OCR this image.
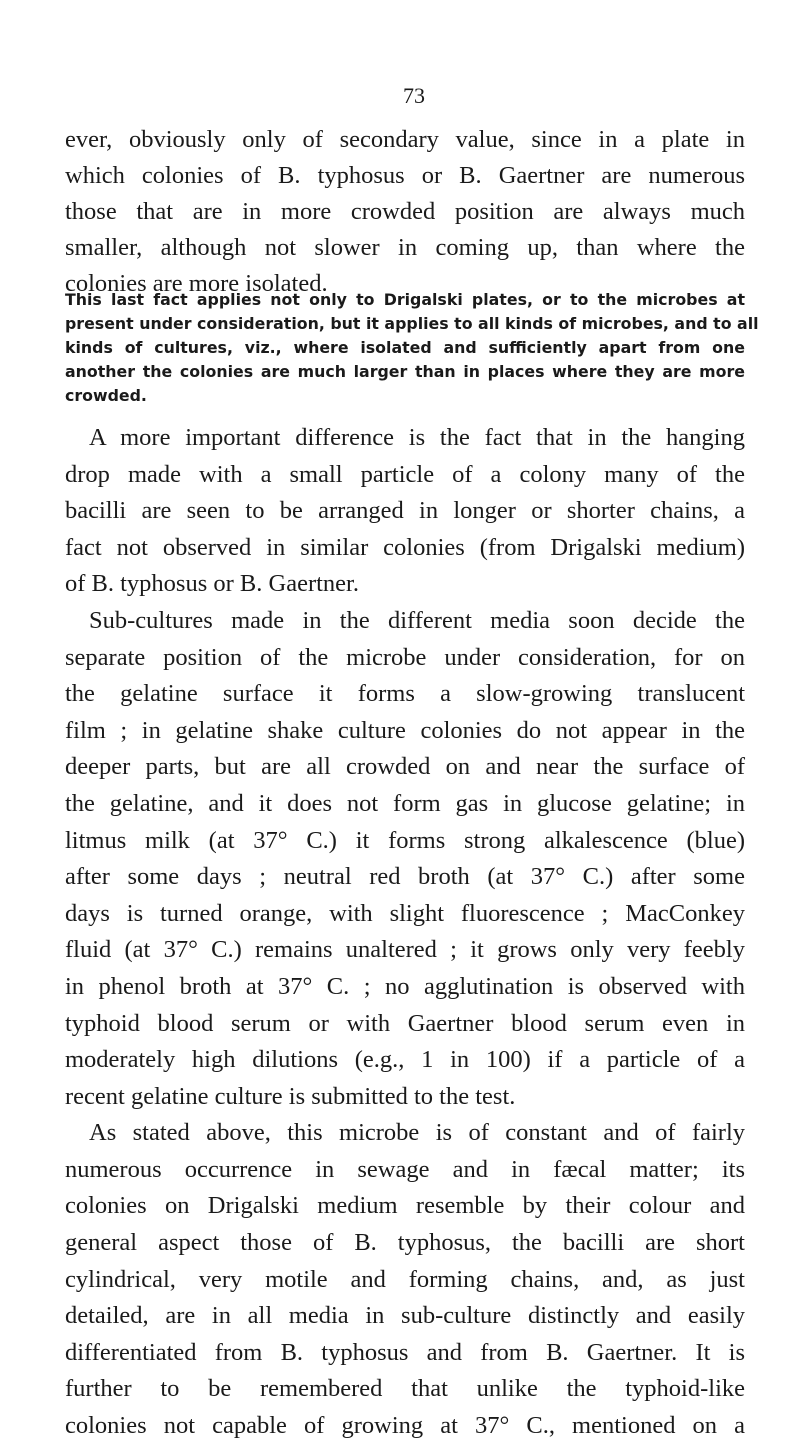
73
ever, obviously only of secondary value, since in a plate in
which colonies of B. typhosus or B. Gaertner are numerous
those that are in more crowded position are always much
smaller, although not slower in coming up, than where the
colonies are more isolated.
This last fact applies not only to Drigalski plates, or to the microbes at
present under consideration, but it applies to all kinds of microbes, and to all
kinds of cultures, viz., where isolated and sufficiently apart from one
another the colonies are much larger than in places where they are more
crowded.
A more important difference is the fact that in the hanging
drop made with a small particle of a colony many of the
bacilli are seen to be arranged in longer or shorter chains, a
fact not observed in similar colonies (from Drigalski medium)
of B. typhosus or B. Gaertner.
Sub-cultures made in the different media soon decide the
separate position of the microbe under consideration, for on
the gelatine surface it forms a slow-growing translucent
film ; in gelatine shake culture colonies do not appear in the
deeper parts, but are all crowded on and near the surface of
the gelatine, and it does not form gas in glucose gelatine; in
litmus milk (at 37° C.) it forms strong alkalescence (blue)
after some days ; neutral red broth (at 37° C.) after some
days is turned orange, with slight fluorescence ; MacConkey
fluid (at 37° C.) remains unaltered ; it grows only very feebly
in phenol broth at 37° C. ; no agglutination is observed with
typhoid blood serum or with Gaertner blood serum even in
moderately high dilutions (e.g., 1 in 100) if a particle of a
recent gelatine culture is submitted to the test.
As stated above, this microbe is of constant and of fairly
numerous occurrence in sewage and in fæcal matter; its
colonies on Drigalski medium resemble by their colour and
general aspect those of B. typhosus, the bacilli are short
cylindrical, very motile and forming chains, and, as just
detailed, are in all media in sub-culture distinctly and easily
differentiated from B. typhosus and from B. Gaertner. It is
further to be remembered that unlike the typhoid-like
colonies not capable of growing at 37° C., mentioned on a
